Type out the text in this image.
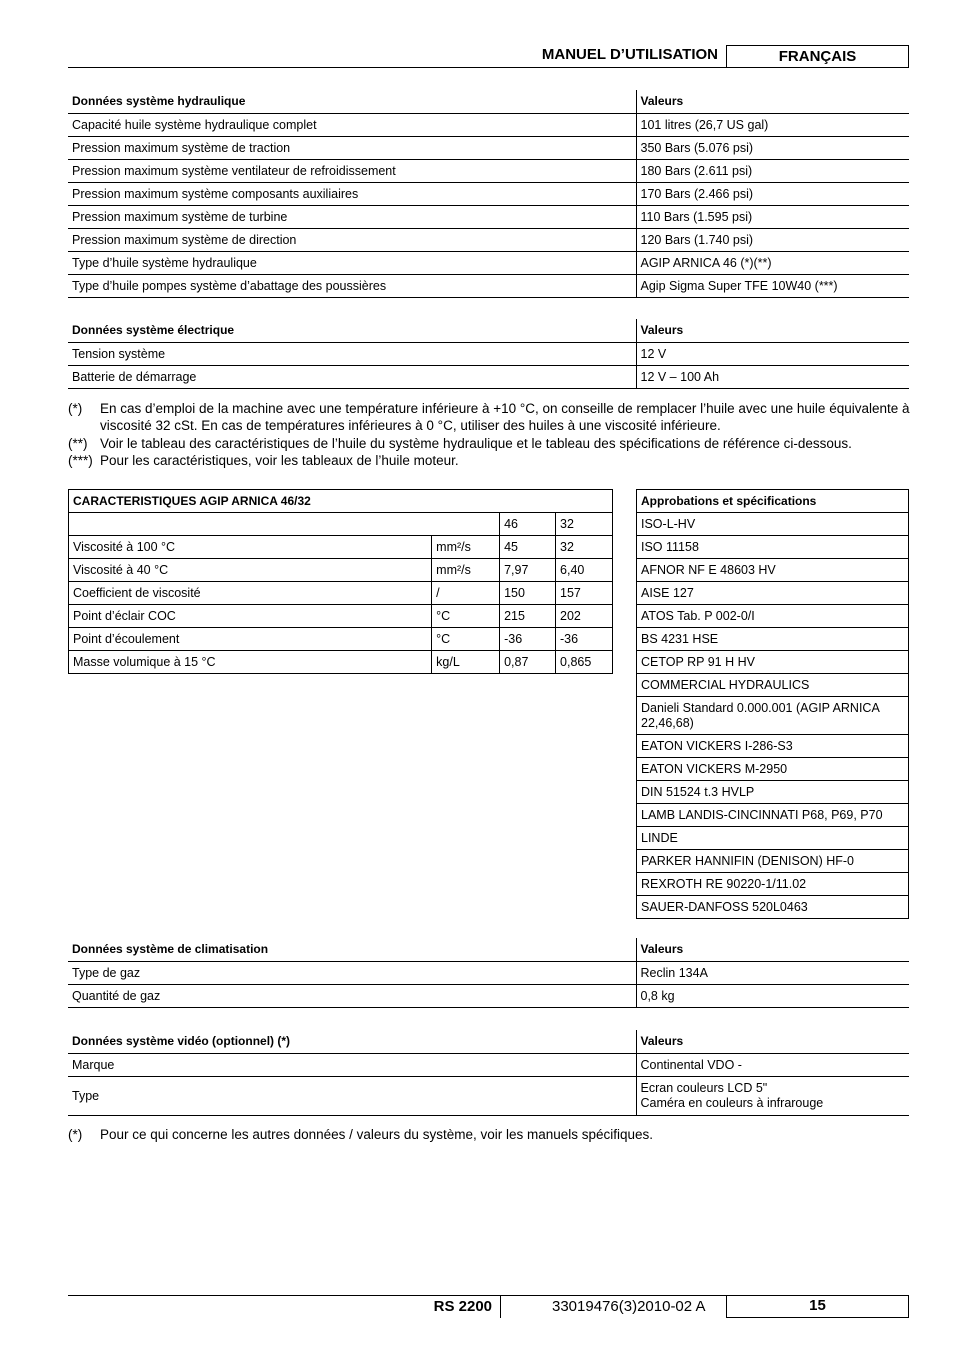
MANUEL D’UTILISATION	FRANÇAIS
Données système hydraulique	Valeurs
Capacité huile système hydraulique complet	101 litres (26,7 US gal)
Pression maximum système de traction	350 Bars (5.076 psi)
Pression maximum système ventilateur de refroidissement	180 Bars (2.611 psi)
Pression maximum système composants auxiliaires	170 Bars (2.466 psi)
Pression maximum système de turbine	110 Bars (1.595 psi)
Pression maximum système de direction	120 Bars (1.740 psi)
Type d’huile système hydraulique	AGIP ARNICA 46 (*)(**)
Type d’huile pompes système d’abattage des poussières	Agip Sigma Super TFE 10W40 (***)
Données système électrique	Valeurs
Tension système	12 V
Batterie de démarrage	12 V – 100 Ah
(*) En cas d’emploi de la machine avec une température inférieure à +10 °C, on conseille de remplacer l’huile avec une huile équivalente à viscosité 32 cSt. En cas de températures inférieures à 0 °C, utiliser des huiles à une viscosité inférieure.
(**) Voir le tableau des caractéristiques de l’huile du système hydraulique et le tableau des spécifications de référence ci-dessous.
(***) Pour les caractéristiques, voir les tableaux de l’huile moteur.
CARACTERISTIQUES AGIP ARNICA 46/32			
		46	32
Viscosité à 100 °C	mm²/s	45	32
Viscosité à 40 °C	mm²/s	7,97	6,40
Coefficient de viscosité	/	150	157
Point d’éclair COC	°C	215	202
Point d’écoulement	°C	-36	-36
Masse volumique à 15 °C	kg/L	0,87	0,865
Approbations et spécifications
ISO-L-HV
ISO 11158
AFNOR NF E 48603 HV
AISE 127
ATOS Tab. P 002-0/I
BS 4231 HSE
CETOP RP 91 H HV
COMMERCIAL HYDRAULICS
Danieli Standard 0.000.001 (AGIP ARNICA 22,46,68)
EATON VICKERS I-286-S3
EATON VICKERS M-2950
DIN 51524 t.3 HVLP
LAMB LANDIS-CINCINNATI P68, P69, P70
LINDE
PARKER HANNIFIN (DENISON) HF-0
REXROTH RE 90220-1/11.02
SAUER-DANFOSS 520L0463
Données système de climatisation	Valeurs
Type de gaz	Reclin 134A
Quantité de gaz	0,8 kg
Données système vidéo (optionnel) (*)	Valeurs
Marque	Continental VDO -
Type	Ecran couleurs LCD 5"
Caméra en couleurs à infrarouge
(*) Pour ce qui concerne les autres données / valeurs du système, voir les manuels spécifiques.
RS 2200	33019476(3)2010-02 A	15
